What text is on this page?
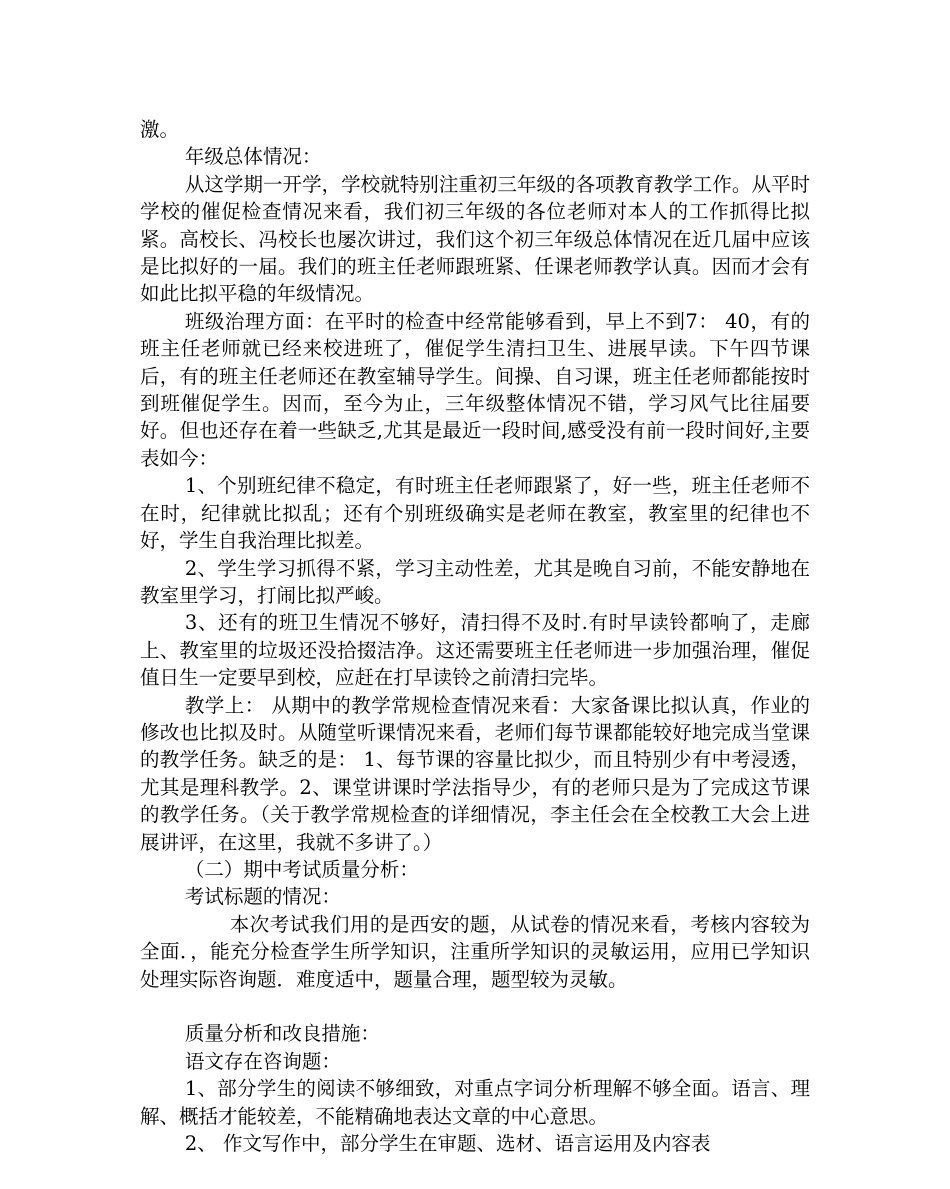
激。

年级总体情况：

从这学期一开学，学校就特别注重初三年级的各项教育教学工作。从平时学校的催促检查情况来看，我们初三年级的各位老师对本人的工作抓得比拟紧。高校长、冯校长也屡次讲过，我们这个初三年级总体情况在近几届中应该是比拟好的一届。我们的班主任老师跟班紧、任课老师教学认真。因而才会有如此比拟平稳的年级情况。

班级治理方面：在平时的检查中经常能够看到，早上不到7： 40，有的班主任老师就已经来校进班了，催促学生清扫卫生、进展早读。下午四节课后，有的班主任老师还在教室辅导学生。间操、自习课，班主任老师都能按时到班催促学生。因而，至今为止，三年级整体情况不错，学习风气比往届要好。但也还存在着一些缺乏,尤其是最近一段时间,感受没有前一段时间好,主要表如今：

1、个别班纪律不稳定，有时班主任老师跟紧了，好一些，班主任老师不在时，纪律就比拟乱；还有个别班级确实是老师在教室，教室里的纪律也不好，学生自我治理比拟差。

2、学生学习抓得不紧，学习主动性差，尤其是晚自习前，不能安静地在教室里学习，打闹比拟严峻。

3、还有的班卫生情况不够好，清扫得不及时.有时早读铃都响了，走廊上、教室里的垃圾还没拾掇洁净。这还需要班主任老师进一步加强治理，催促值日生一定要早到校，应赶在打早读铃之前清扫完毕。

教学上： 从期中的教学常规检查情况来看：大家备课比拟认真，作业的修改也比拟及时。从随堂听课情况来看，老师们每节课都能较好地完成当堂课的教学任务。缺乏的是： 1、每节课的容量比拟少，而且特别少有中考浸透，尤其是理科教学。2、课堂讲课时学法指导少，有的老师只是为了完成这节课的教学任务。（关于教学常规检查的详细情况，李主任会在全校教工大会上进展讲评，在这里，我就不多讲了。）

（二）期中考试质量分析：

考试标题的情况：

本次考试我们用的是西安的题，从试卷的情况来看，考核内容较为全面．，能充分检查学生所学知识，注重所学知识的灵敏运用，应用已学知识处理实际咨询题．难度适中，题量合理，题型较为灵敏。

质量分析和改良措施：

语文存在咨询题：

1、部分学生的阅读不够细致，对重点字词分析理解不够全面。语言、理解、概括才能较差，不能精确地表达文章的中心意思。

2、 作文写作中，部分学生在审题、选材、语言运用及内容表
